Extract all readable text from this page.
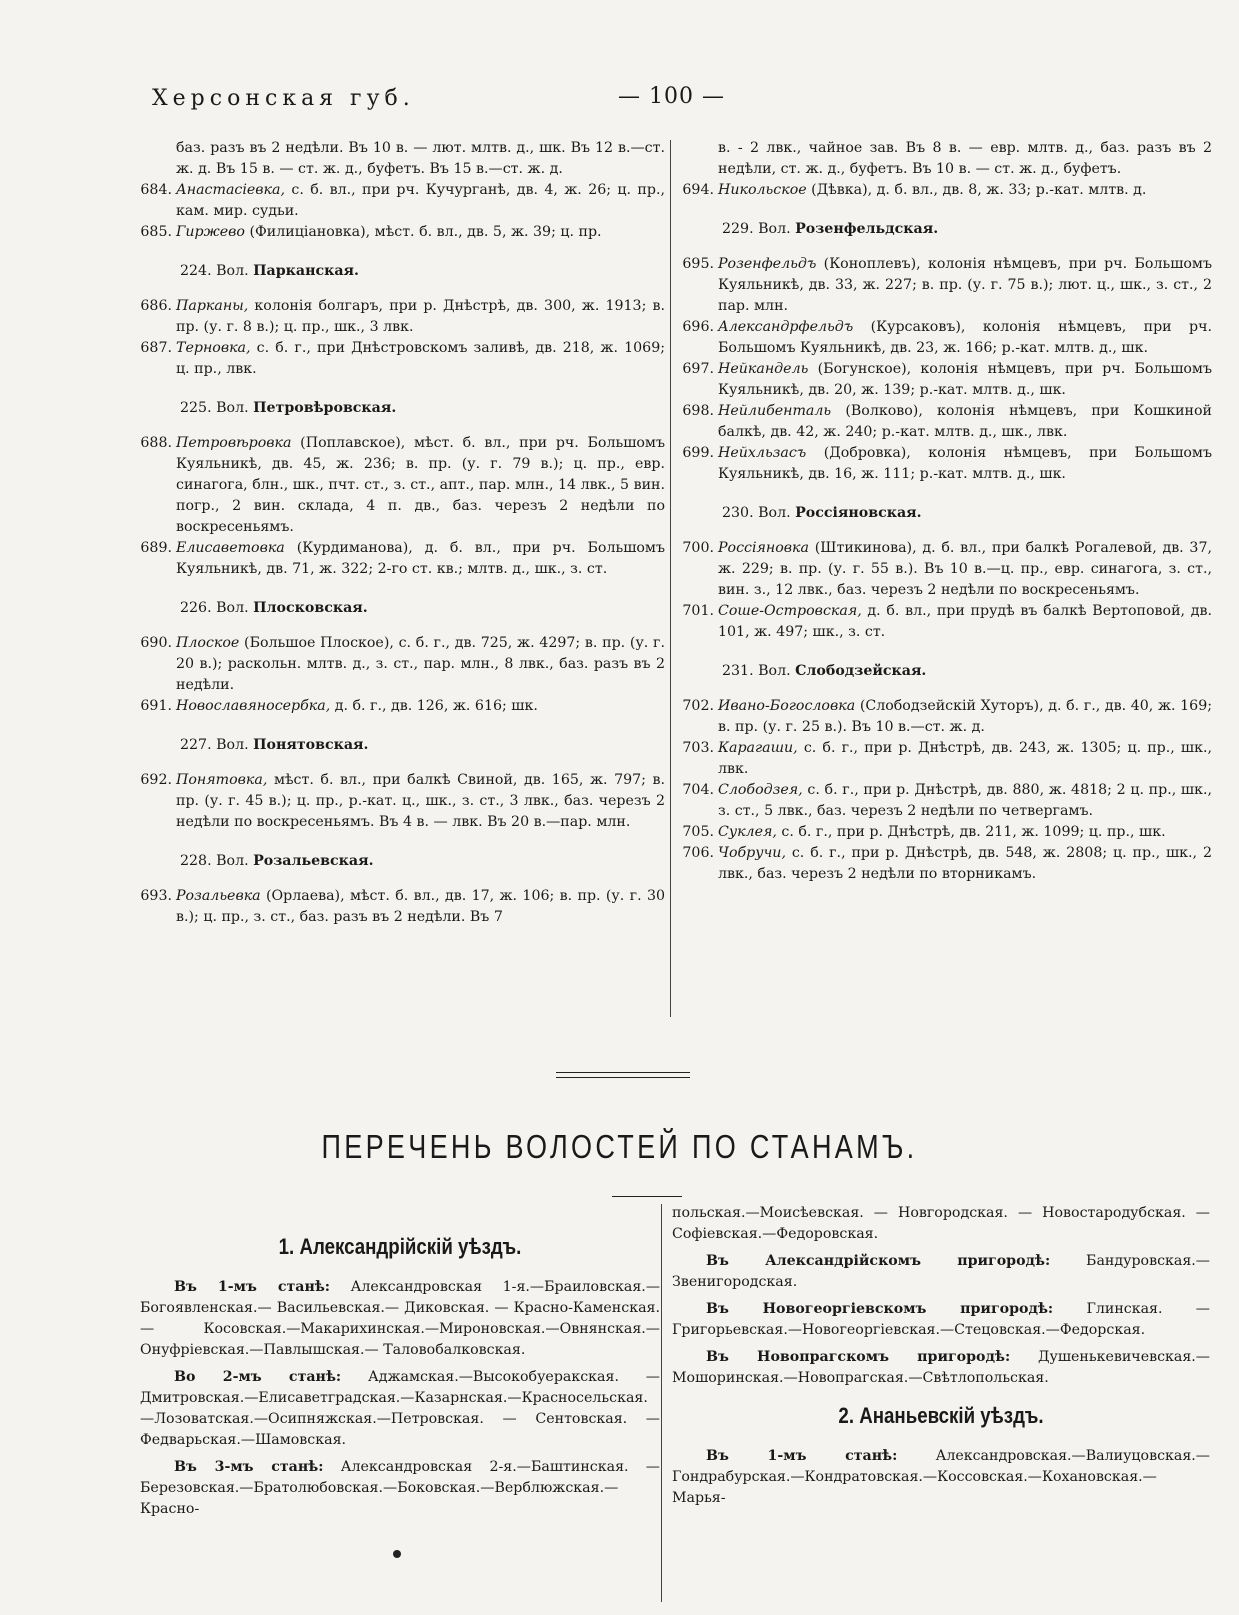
Херсонская губ.	— 100 —

баз. разъ въ 2 недѣли. Въ 10 в. — лют. млтв. д., шк. Въ 12 в.—ст. ж. д. Въ 15 в. — ст. ж. д., буфетъ. Въ 15 в.—ст. ж. д.

684. Анастасіевка, с. б. вл., при рч. Кучурганѣ, дв. 4, ж. 26; ц. пр., кам. мир. судьи.

685. Гиржево (Филиціановка), мѣст. б. вл., дв. 5, ж. 39; ц. пр.

224. Вол. Парканская.

686. Парканы, колонія болгаръ, при р. Днѣстрѣ, дв. 300, ж. 1913; в. пр. (у. г. 8 в.); ц. пр., шк., 3 лвк.

687. Терновка, с. б. г., при Днѣстровскомъ заливѣ, дв. 218, ж. 1069; ц. пр., лвк.

225. Вол. Петровѣровская.

688. Петровѣровка (Поплавское), мѣст. б. вл., при рч. Большомъ Куяльникѣ, дв. 45, ж. 236; в. пр. (у. г. 79 в.); ц. пр., евр. синагога, блн., шк., пчт. ст., з. ст., апт., пар. млн., 14 лвк., 5 вин. погр., 2 вин. склада, 4 п. дв., баз. черезъ 2 недѣли по воскресеньямъ.

689. Елисаветовка (Курдиманова), д. б. вл., при рч. Большомъ Куяльникѣ, дв. 71, ж. 322; 2-го ст. кв.; млтв. д., шк., з. ст.

226. Вол. Плосковская.

690. Плоское (Большое Плоское), с. б. г., дв. 725, ж. 4297; в. пр. (у. г. 20 в.); раскольн. млтв. д., з. ст., пар. млн., 8 лвк., баз. разъ въ 2 недѣли.

691. Новославяносербка, д. б. г., дв. 126, ж. 616; шк.

227. Вол. Понятовская.

692. Понятовка, мѣст. б. вл., при балкѣ Свиной, дв. 165, ж. 797; в. пр. (у. г. 45 в.); ц. пр., р.-кат. ц., шк., з. ст., 3 лвк., баз. черезъ 2 недѣли по воскресеньямъ. Въ 4 в. — лвк. Въ 20 в.—пар. млн.

228. Вол. Розальевская.

693. Розальевка (Орлаева), мѣст. б. вл., дв. 17, ж. 106; в. пр. (у. г. 30 в.); ц. пр., з. ст., баз. разъ въ 2 недѣли. Въ 7

в. - 2 лвк., чайное зав. Въ 8 в. — евр. млтв. д., баз. разъ въ 2 недѣли, ст. ж. д., буфетъ. Въ 10 в. — ст. ж. д., буфетъ.

694. Никольское (Дѣвка), д. б. вл., дв. 8, ж. 33; р.-кат. млтв. д.

229. Вол. Розенфельдская.

695. Розенфельдъ (Коноплевъ), колонія нѣмцевъ, при рч. Большомъ Куяльникѣ, дв. 33, ж. 227; в. пр. (у. г. 75 в.); лют. ц., шк., з. ст., 2 пар. млн.

696. Александрфельдъ (Курсаковъ), колонія нѣмцевъ, при рч. Большомъ Куяльникѣ, дв. 23, ж. 166; р.-кат. млтв. д., шк.

697. Нейкандель (Богунское), колонія нѣмцевъ, при рч. Большомъ Куяльникѣ, дв. 20, ж. 139; р.-кат. млтв. д., шк.

698. Нейлибенталь (Волково), колонія нѣмцевъ, при Кошкиной балкѣ, дв. 42, ж. 240; р.-кат. млтв. д., шк., лвк.

699. Нейхльзасъ (Добровка), колонія нѣмцевъ, при Большомъ Куяльникѣ, дв. 16, ж. 111; р.-кат. млтв. д., шк.

230. Вол. Россіяновская.

700. Россіяновка (Штикинова), д. б. вл., при балкѣ Рогалевой, дв. 37, ж. 229; в. пр. (у. г. 55 в.). Въ 10 в.—ц. пр., евр. синагога, з. ст., вин. з., 12 лвк., баз. черезъ 2 недѣли по воскресеньямъ.

701. Соше-Островская, д. б. вл., при прудѣ въ балкѣ Вертоповой, дв. 101, ж. 497; шк., з. ст.

231. Вол. Слободзейская.

702. Ивано-Богословка (Слободзейскій Хуторъ), д. б. г., дв. 40, ж. 169; в. пр. (у. г. 25 в.). Въ 10 в.—ст. ж. д.

703. Карагаши, с. б. г., при р. Днѣстрѣ, дв. 243, ж. 1305; ц. пр., шк., лвк.

704. Слободзея, с. б. г., при р. Днѣстрѣ, дв. 880, ж. 4818; 2 ц. пр., шк., з. ст., 5 лвк., баз. черезъ 2 недѣли по четвергамъ.

705. Суклея, с. б. г., при р. Днѣстрѣ, дв. 211, ж. 1099; ц. пр., шк.

706. Чобручи, с. б. г., при р. Днѣстрѣ, дв. 548, ж. 2808; ц. пр., шк., 2 лвк., баз. черезъ 2 недѣли по вторникамъ.

ПЕРЕЧЕНЬ ВОЛОСТЕЙ ПО СТАНАМЪ.
1. Александрійскій уѣздъ.

Въ 1-мъ станѣ: Александровская 1-я.—Браиловская.—Богоявленская.— Васильевская.— Диковская. — Красно-Каменская. — Косовская.—Макарихинская.—Мироновская.—Овнянская.—Онуфріевская.—Павлышская.— Таловобалковская.

Во 2-мъ станѣ: Аджамская.—Высокобуеракская. — Дмитровская.—Елисаветградская.—Казарнская.—Красносельская.—Лозоватская.—Осипняжская.—Петровская. — Сентовская. — Федварьская.—Шамовская.

Въ 3-мъ станѣ: Александровская 2-я.—Баштинская. —Березовская.—Братолюбовская.—Боковская.—Верблюжская.— Красно-

польская.—Моисѣевская. — Новгородская. — Новостародубская. — Софіевская.—Федоровская.

Въ Александрійскомъ пригородѣ:	Бандуровская.—Звенигородская.

Въ Новогеоргіевскомъ пригородѣ: Глинская. — Григорьевская.—Новогеоргіевская.—Стецовская.—Федорская.

Въ Новопрагскомъ пригородѣ: Душенькевичевская.—Мошоринская.—Новопрагская.—Свѣтлопольская.

2. Ананьевскій уѣздъ.

Въ 1-мъ станѣ:	Александровская.—Валиуцовская.—Гондрабурская.—Кондратовская.—Коссовская.—Кохановская.—Марья-
